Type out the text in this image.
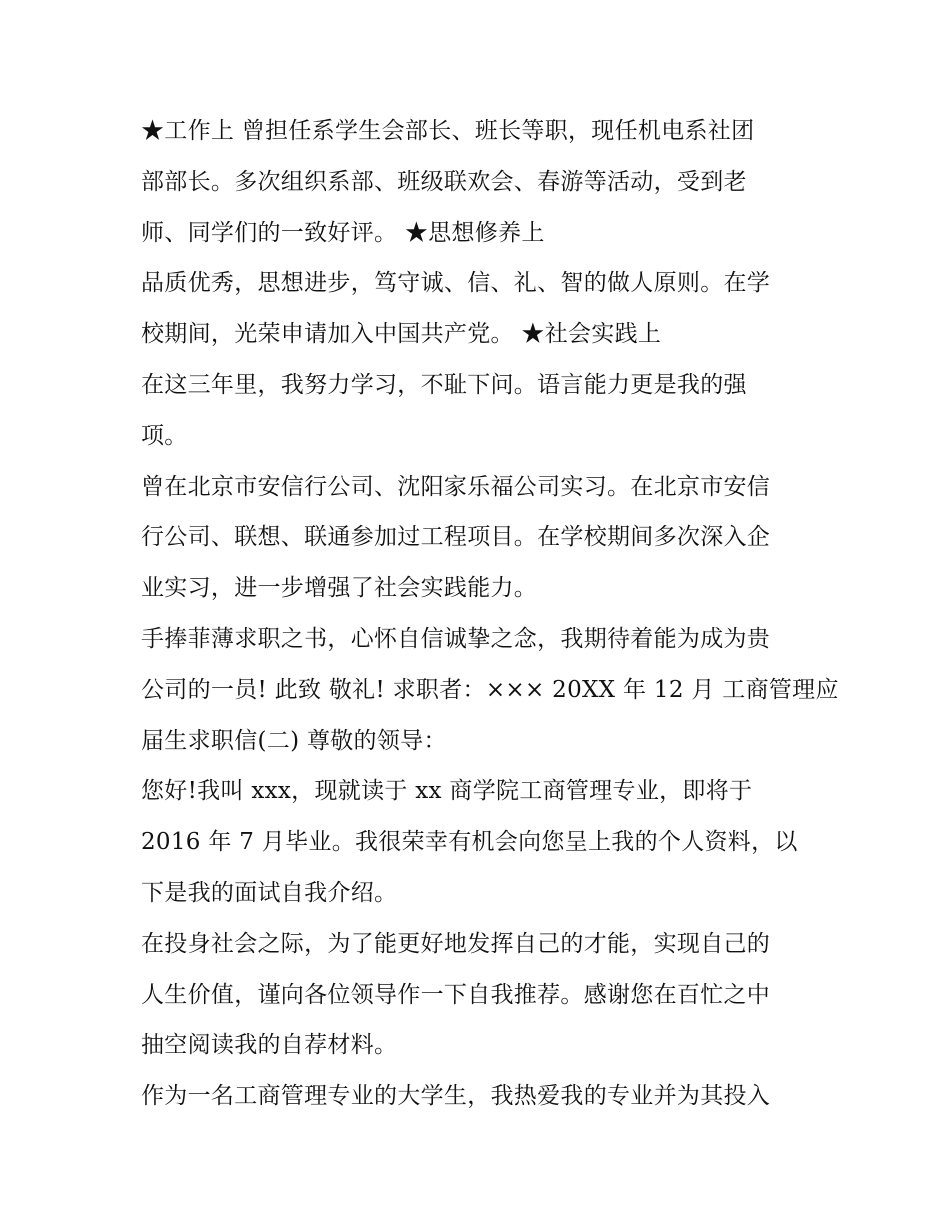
★工作上 曾担任系学生会部长、班长等职，现任机电系社团
部部长。多次组织系部、班级联欢会、春游等活动，受到老
师、同学们的一致好评。 ★思想修养上
品质优秀，思想进步，笃守诚、信、礼、智的做人原则。在学
校期间，光荣申请加入中国共产党。 ★社会实践上
在这三年里，我努力学习，不耻下问。语言能力更是我的强
项。
曾在北京市安信行公司、沈阳家乐福公司实习。在北京市安信
行公司、联想、联通参加过工程项目。在学校期间多次深入企
业实习，进一步增强了社会实践能力。
手捧菲薄求职之书，心怀自信诚挚之念，我期待着能为成为贵
公司的一员! 此致 敬礼! 求职者：××× 20XX 年 12 月 工商管理应
届生求职信(二) 尊敬的领导：
您好!我叫 xxx，现就读于 xx 商学院工商管理专业，即将于
2016 年 7 月毕业。我很荣幸有机会向您呈上我的个人资料，以
下是我的面试自我介绍。
在投身社会之际，为了能更好地发挥自己的才能，实现自己的
人生价值，谨向各位领导作一下自我推荐。感谢您在百忙之中
抽空阅读我的自荐材料。
作为一名工商管理专业的大学生，我热爱我的专业并为其投入
